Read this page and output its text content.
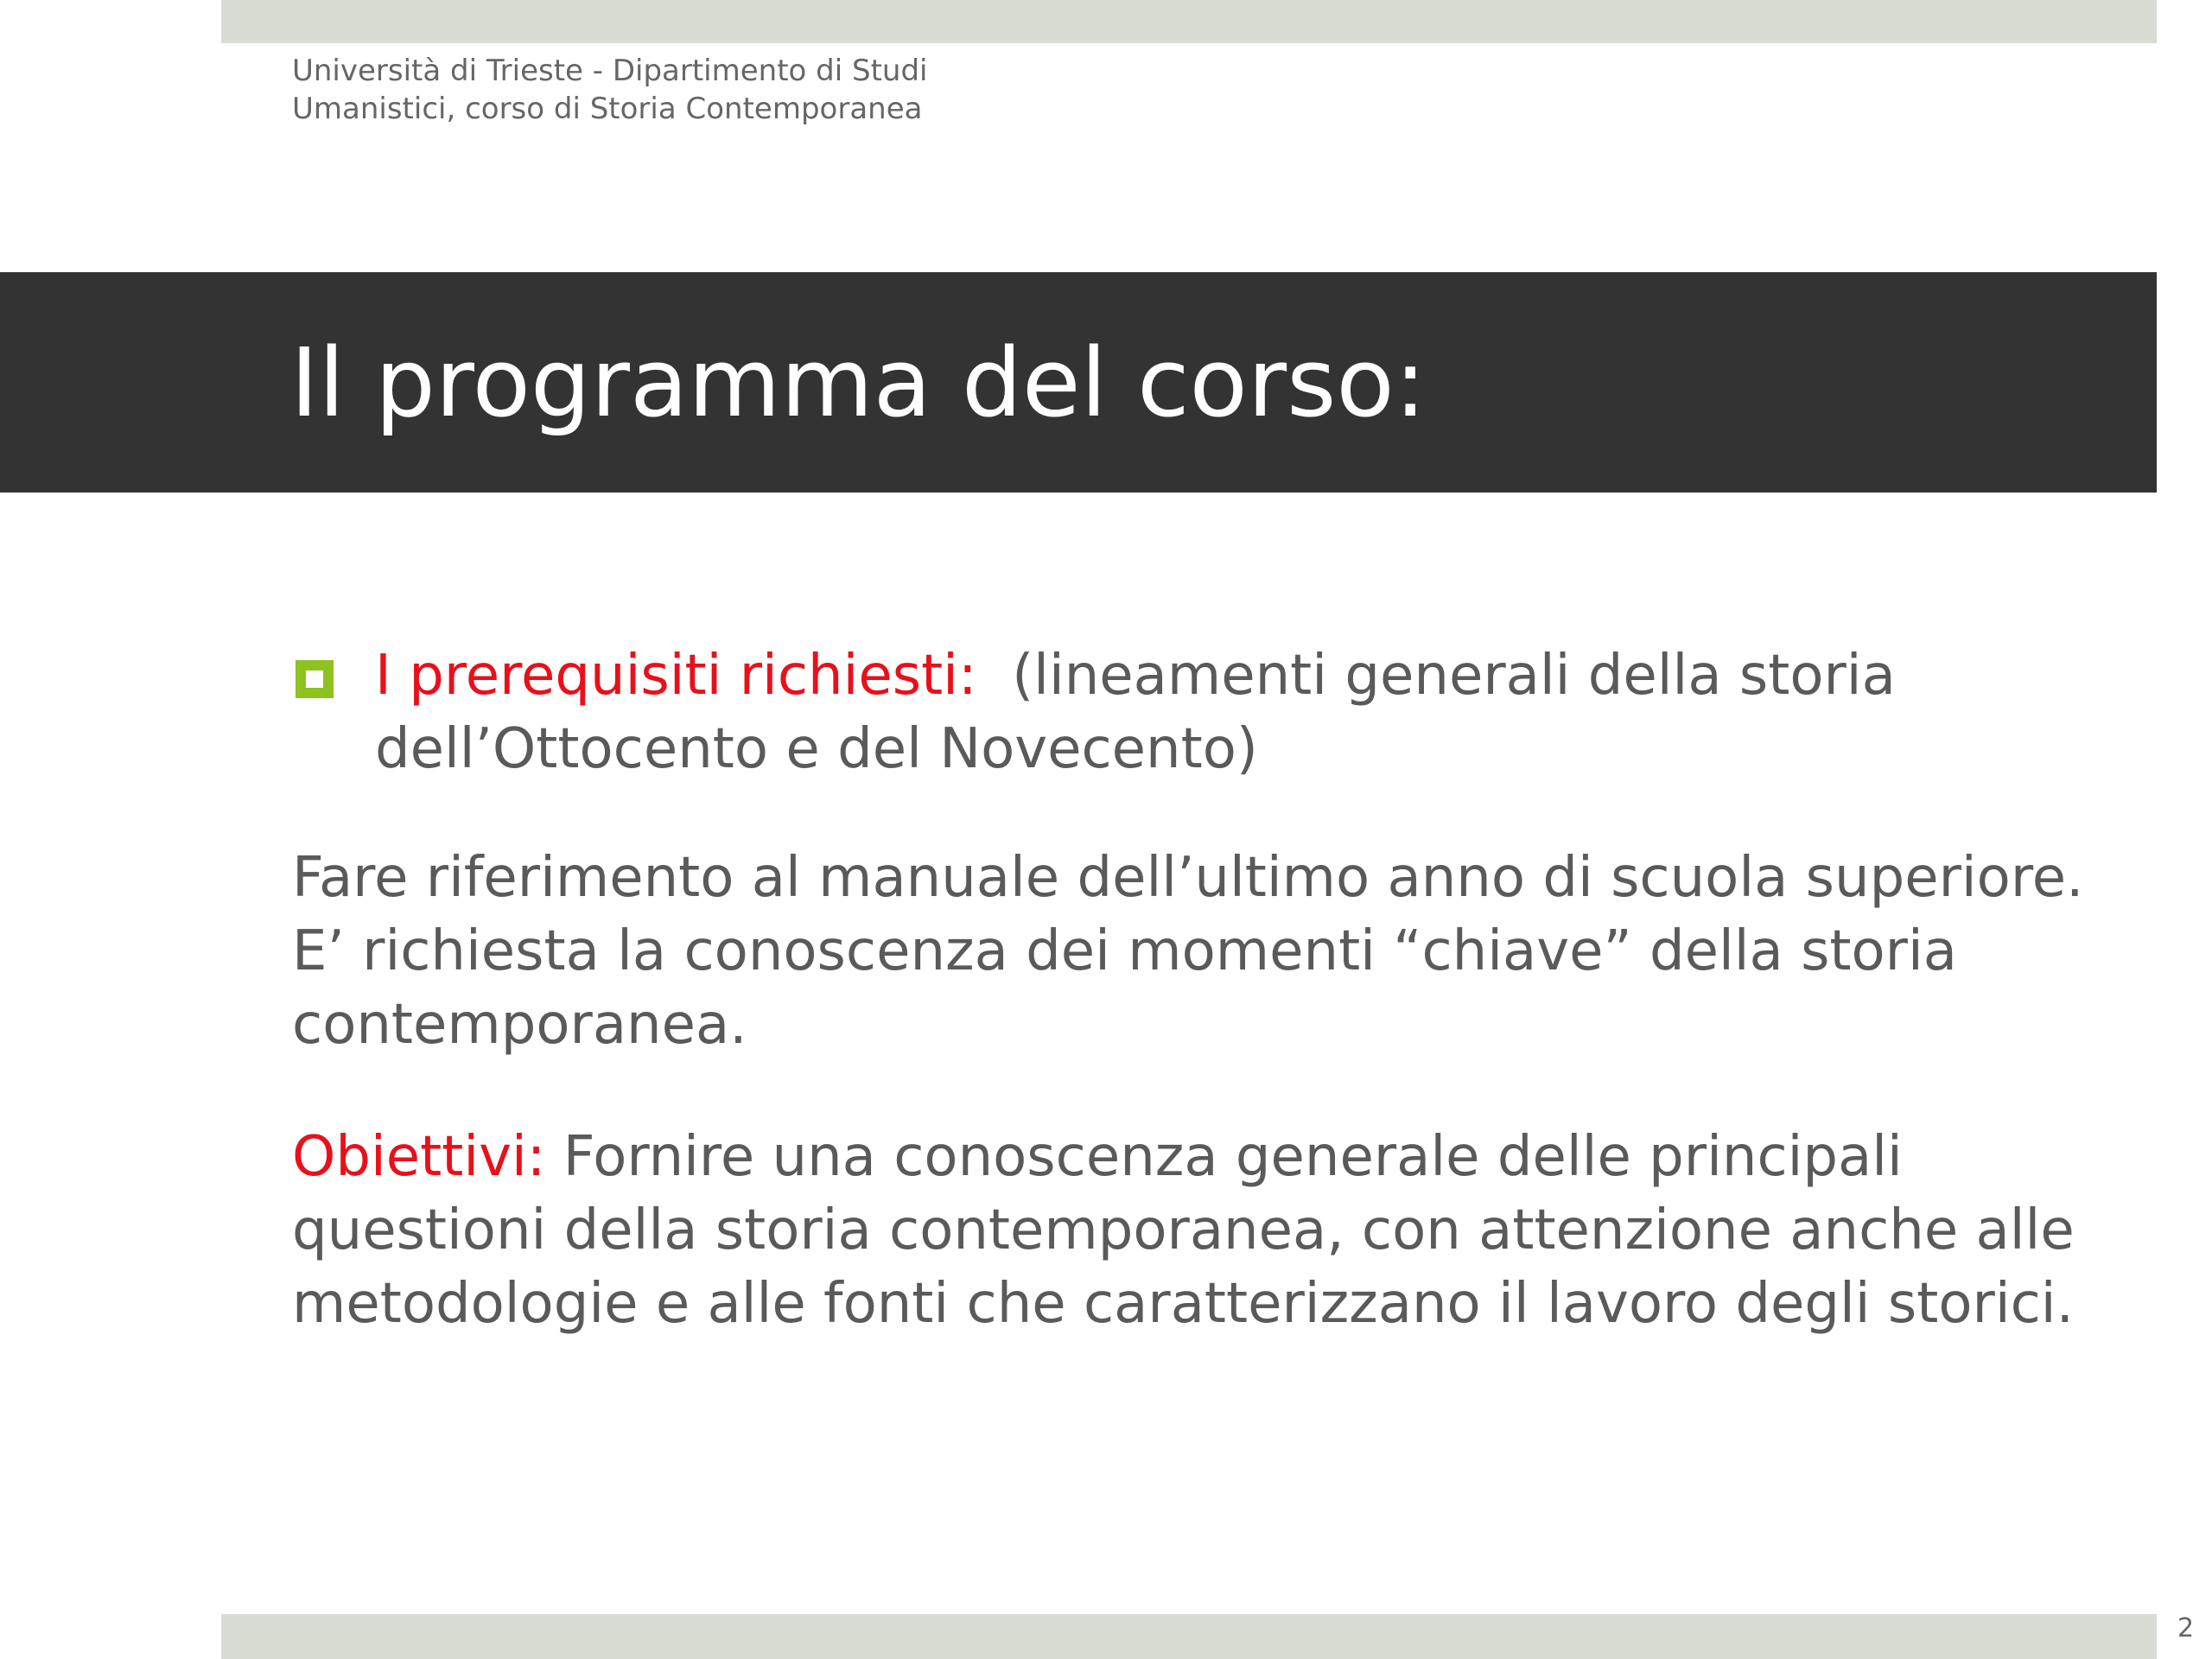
Università di Trieste - Dipartimento di Studi
Umanistici, corso di Storia Contemporanea
Il programma del corso:
I prerequisiti richiesti: (lineamenti generali della storia dell’Ottocento e del Novecento)
Fare riferimento al manuale dell’ultimo anno di scuola superiore. E’ richiesta la conoscenza dei momenti “chiave” della storia contemporanea.
Obiettivi: Fornire una conoscenza generale delle principali questioni della storia contemporanea, con attenzione anche alle metodologie e alle fonti che caratterizzano il lavoro degli storici.
2
